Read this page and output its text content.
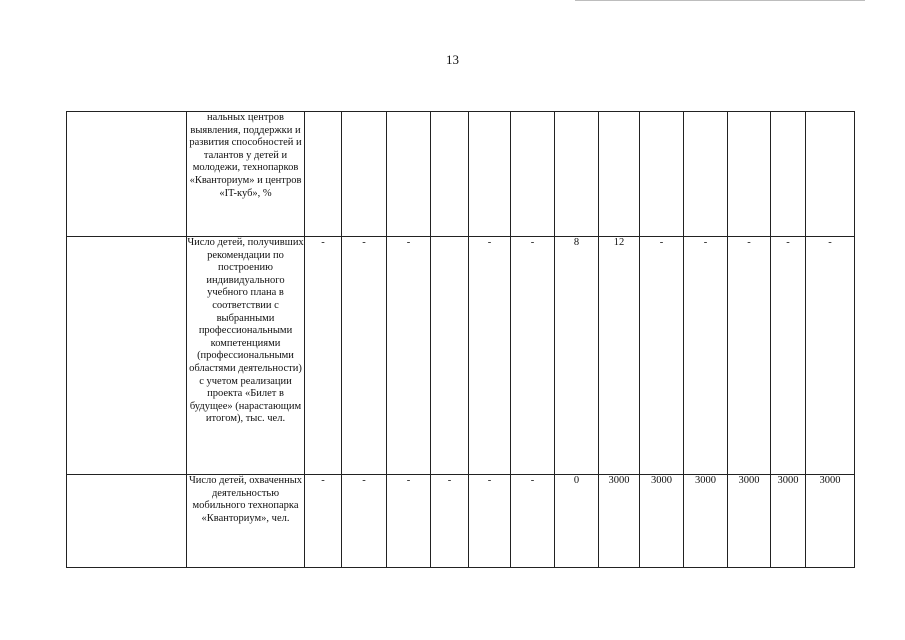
13
	нальных центров выявления, поддержки и развития способностей и талантов у детей и молодежи, технопарков «Кванториум» и центров «IT-куб», %													
	Число детей, получивших рекомендации по построению индивидуального учебного плана в соответствии с выбранными профессиональными компетенциями (профессиональными областями деятельности) с учетом реализации проекта «Билет в будущее» (нарастающим итогом), тыс. чел.	-	-	-		-	-	8	12	-	-	-	-	-
	Число детей, охваченных деятельностью мобильного технопарка «Кванториум», чел.	-	-	-	-	-	-	0	3000	3000	3000	3000	3000	3000
